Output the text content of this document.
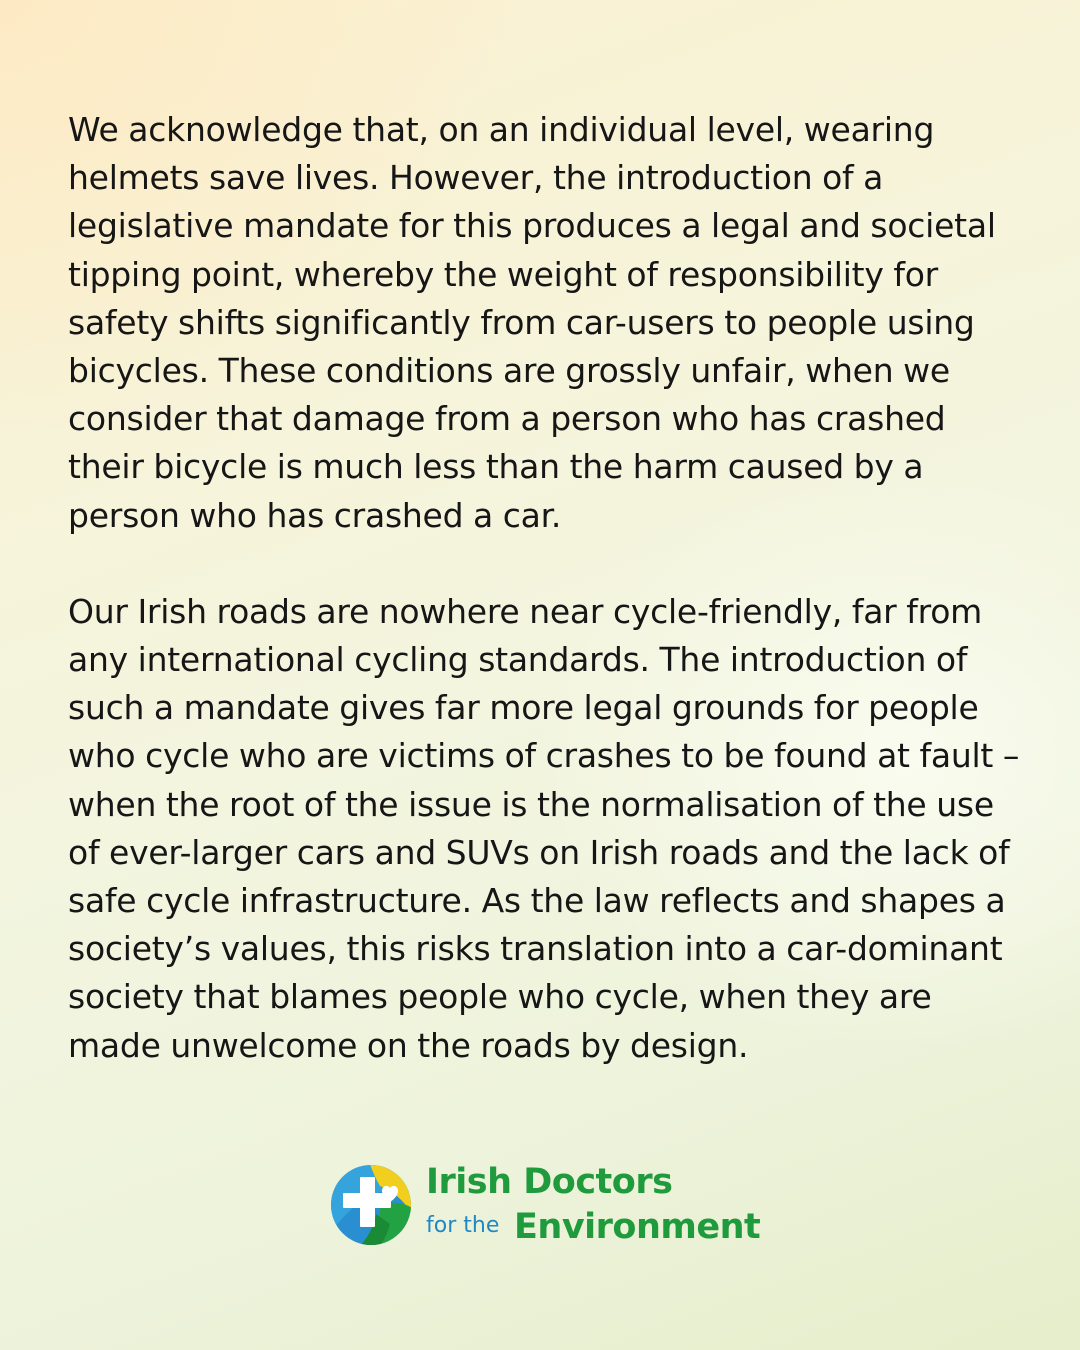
We acknowledge that, on an individual level, wearing helmets save lives. However, the introduction of a legislative mandate for this produces a legal and societal tipping point, whereby the weight of responsibility for safety shifts significantly from car-users to people using bicycles. These conditions are grossly unfair, when we consider that damage from a person who has crashed their bicycle is much less than the harm caused by a person who has crashed a car.

Our Irish roads are nowhere near cycle-friendly, far from any international cycling standards. The introduction of such a mandate gives far more legal grounds for people who cycle who are victims of crashes to be found at fault – when the root of the issue is the normalisation of the use of ever-larger cars and SUVs on Irish roads and the lack of safe cycle infrastructure. As the law reflects and shapes a society’s values, this risks translation into a car-dominant society that blames people who cycle, when they are made unwelcome on the roads by design.

Irish Doctors
for the Environment
